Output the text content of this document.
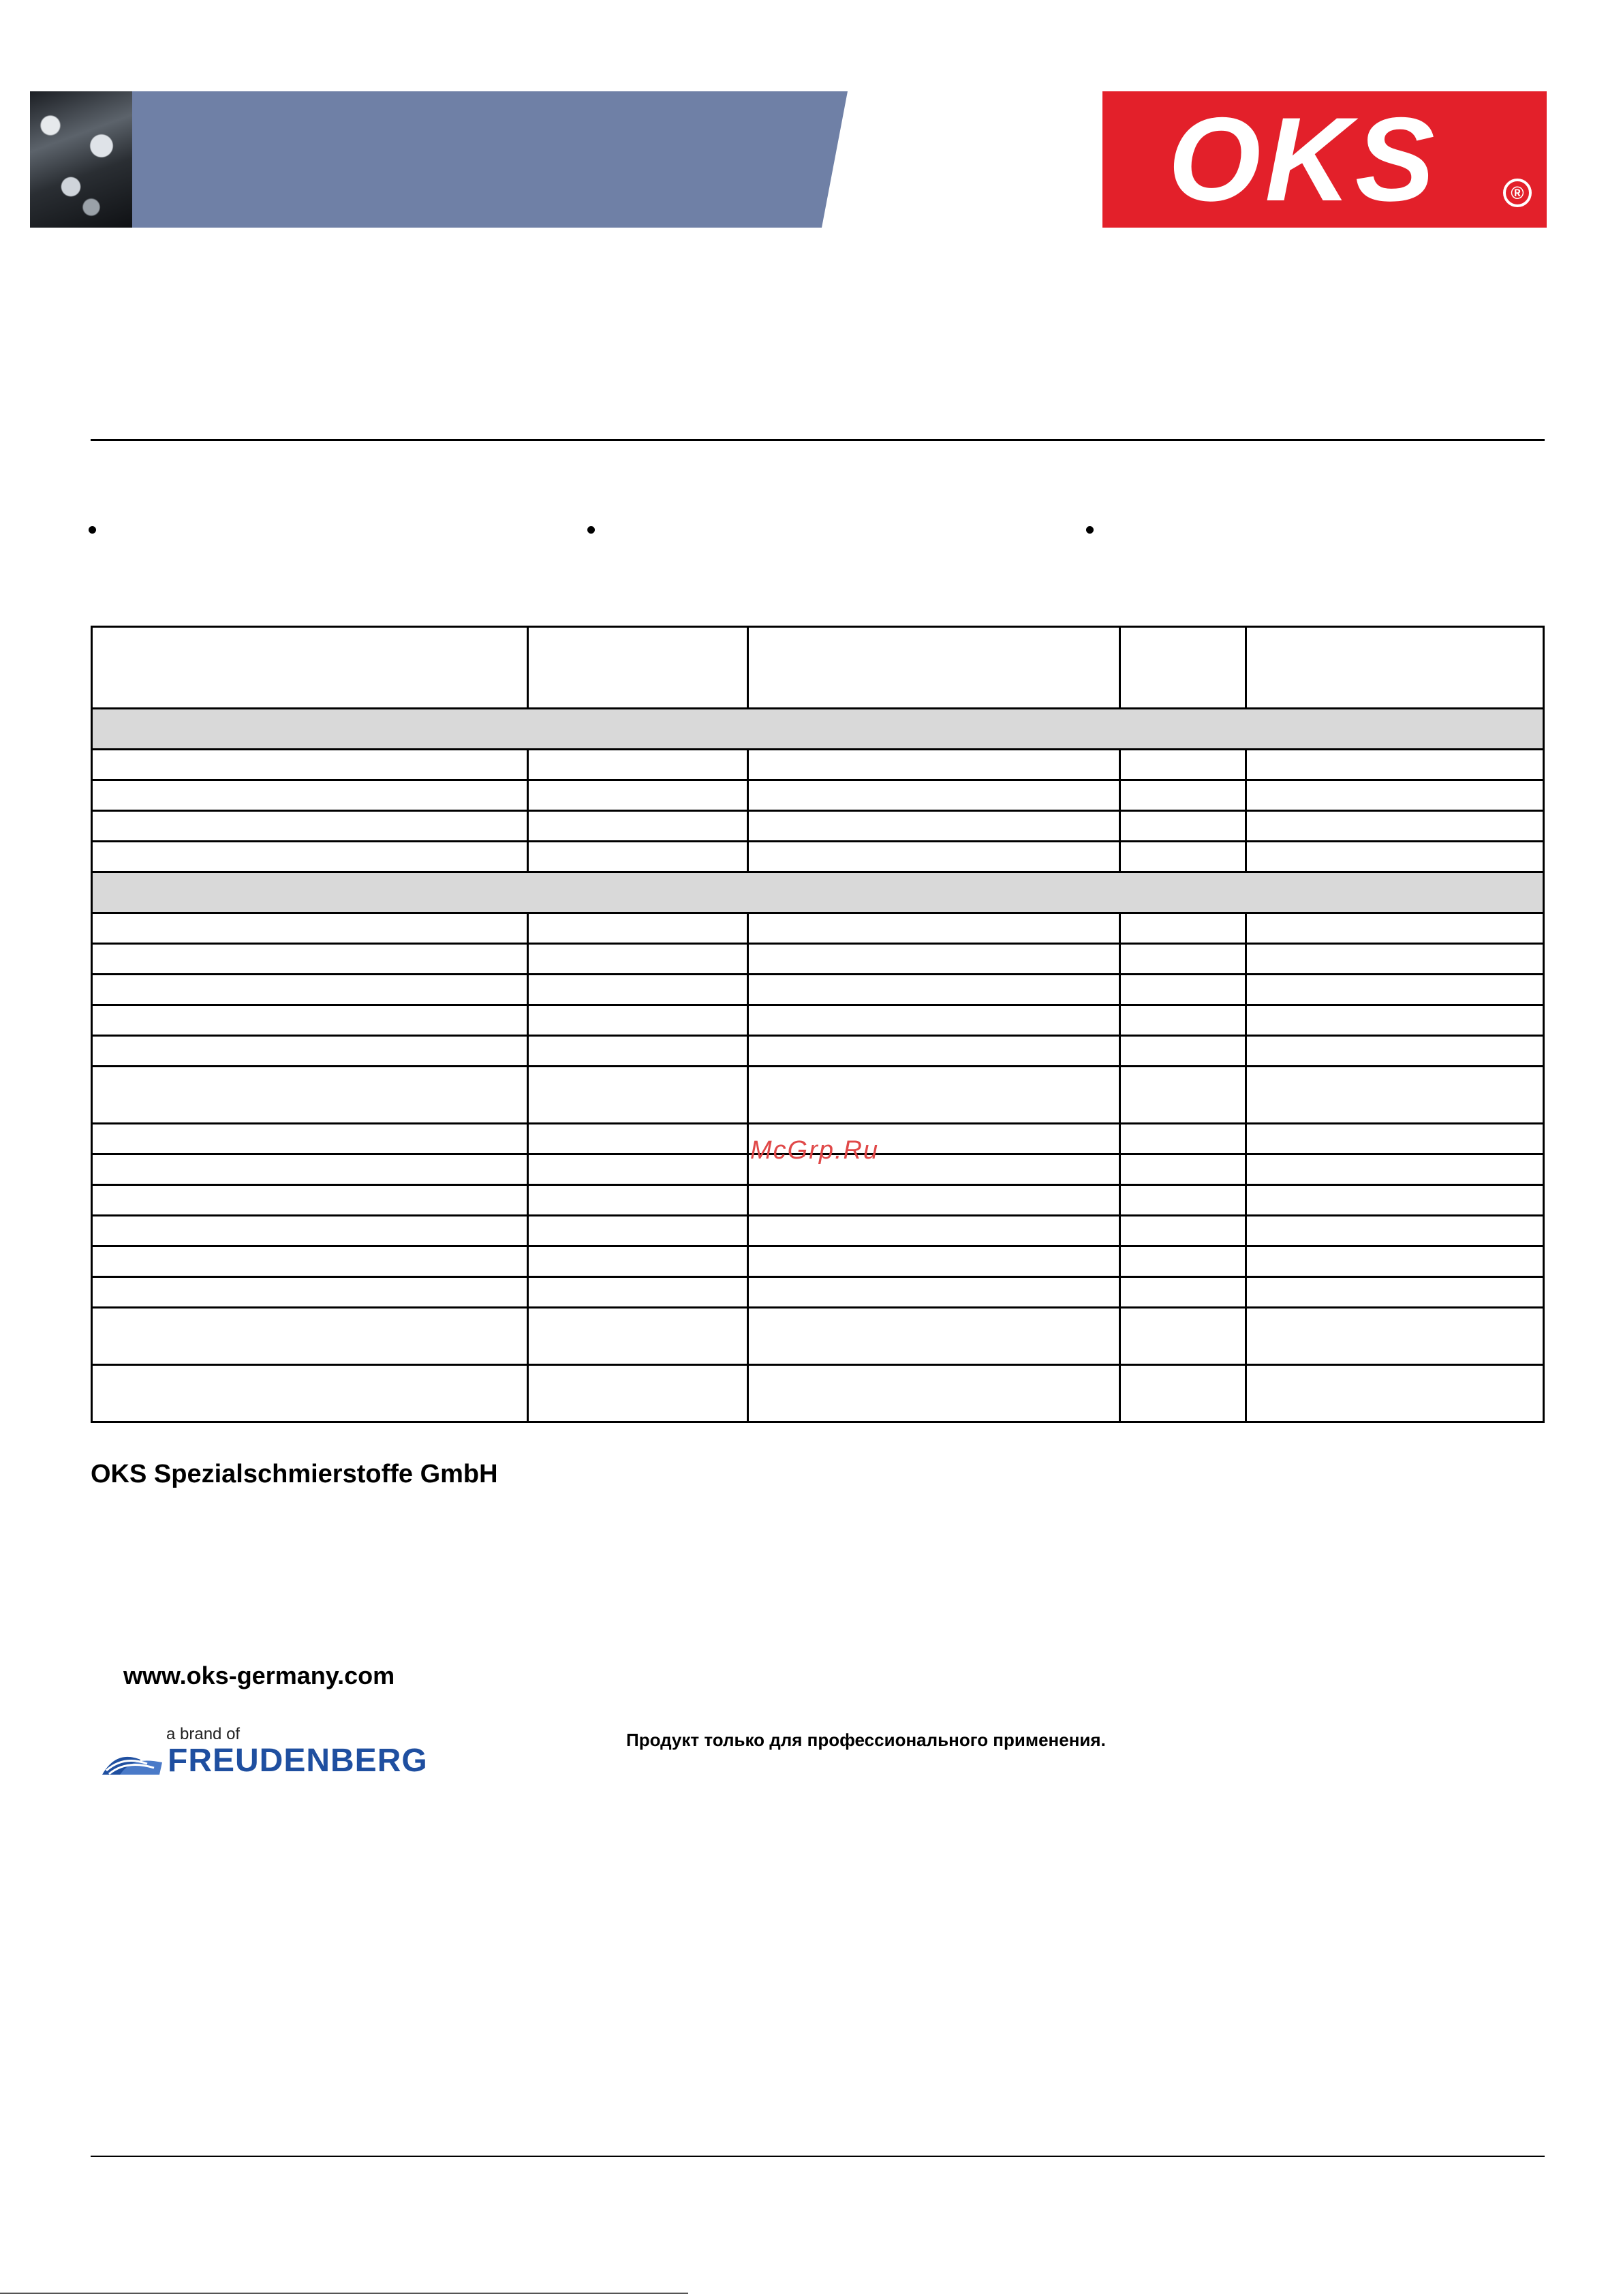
OKS	®

McGrp.Ru
OKS Spezialschmierstoffe GmbH
www.oks-germany.com
a brand of
FREUDENBERG
Продукт только для профессионального применения.
